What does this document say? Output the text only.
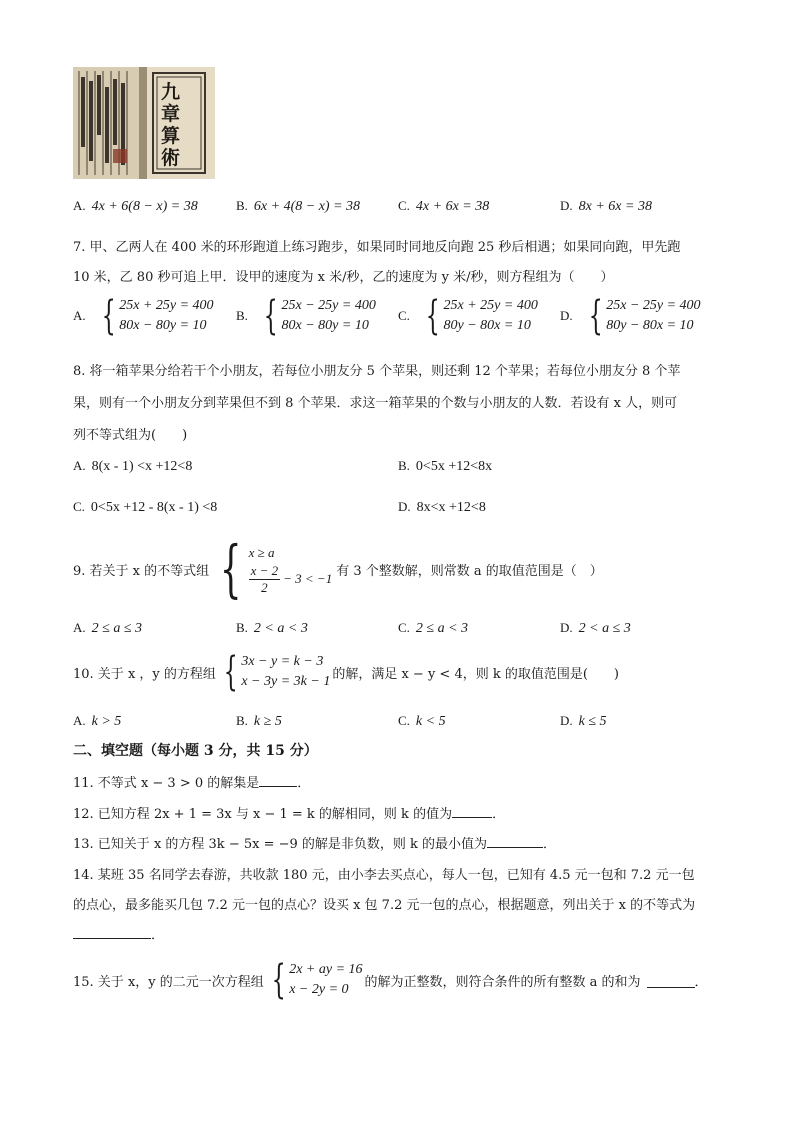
九
章
算
術
A. 4x + 6(8 − x) = 38	B. 6x + 4(8 − x) = 38	C. 4x + 6x = 38	D. 8x + 6x = 38
7. 甲、乙两人在 400 米的环形跑道上练习跑步，如果同时同地反向跑 25 秒后相遇；如果同向跑，甲先跑
10 米，乙 80 秒可追上甲．设甲的速度为 x 米/秒，乙的速度为 y 米/秒，则方程组为（　　）
A. { 25x + 25y = 400
80x − 80y = 10
B. { 25x − 25y = 400
80x − 80y = 10
C. { 25x + 25y = 400
80y − 80x = 10
D. { 25x − 25y = 400
80y − 80x = 10
8. 将一箱苹果分给若干个小朋友，若每位小朋友分 5 个苹果，则还剩 12 个苹果；若每位小朋友分 8 个苹
果，则有一个小朋友分到苹果但不到 8 个苹果．求这一箱苹果的个数与小朋友的人数．若设有 x 人，则可
列不等式组为(　　)
A. 8(x - 1) <x +12<8	B. 0<5x +12<8x
C. 0<5x +12 - 8(x - 1) <8	D. 8x<x +12<8
9. 若关于 x 的不等式组 { x ≥ a
$\frac{x - 2}{2} - 3 < -1$ 有 3 个整数解，则常数 a 的取值范围是（　）
A. 2 ≤ a ≤ 3	B. 2 < a < 3	C. 2 ≤ a < 3	D. 2 < a ≤ 3
10. 关于 x ，y 的方程组 { 3x − y = k − 3
x − 3y = 3k − 1 的解，满足 x − y < 4，则 k 的取值范围是(　　)
A. k > 5	B. k ≥ 5	C. k < 5	D. k ≤ 5
二、填空题（每小题 3 分，共 15 分）
11. 不等式 x − 3 > 0 的解集是	．
12. 已知方程 2x + 1 = 3x 与 x − 1 = k 的解相同，则 k 的值为	．
13. 已知关于 x 的方程 3k − 5x = −9 的解是非负数，则 k 的最小值为	．
14. 某班 35 名同学去春游，共收款 180 元，由小李去买点心，每人一包，已知有 4.5 元一包和 7.2 元一包
的点心，最多能买几包 7.2 元一包的点心？设买 x 包 7.2 元一包的点心，根据题意，列出关于 x 的不等式为
．
15. 关于 x，y 的二元一次方程组 { 2x + ay = 16
x − 2y = 0	的解为正整数，则符合条件的所有整数 a 的和为	．
